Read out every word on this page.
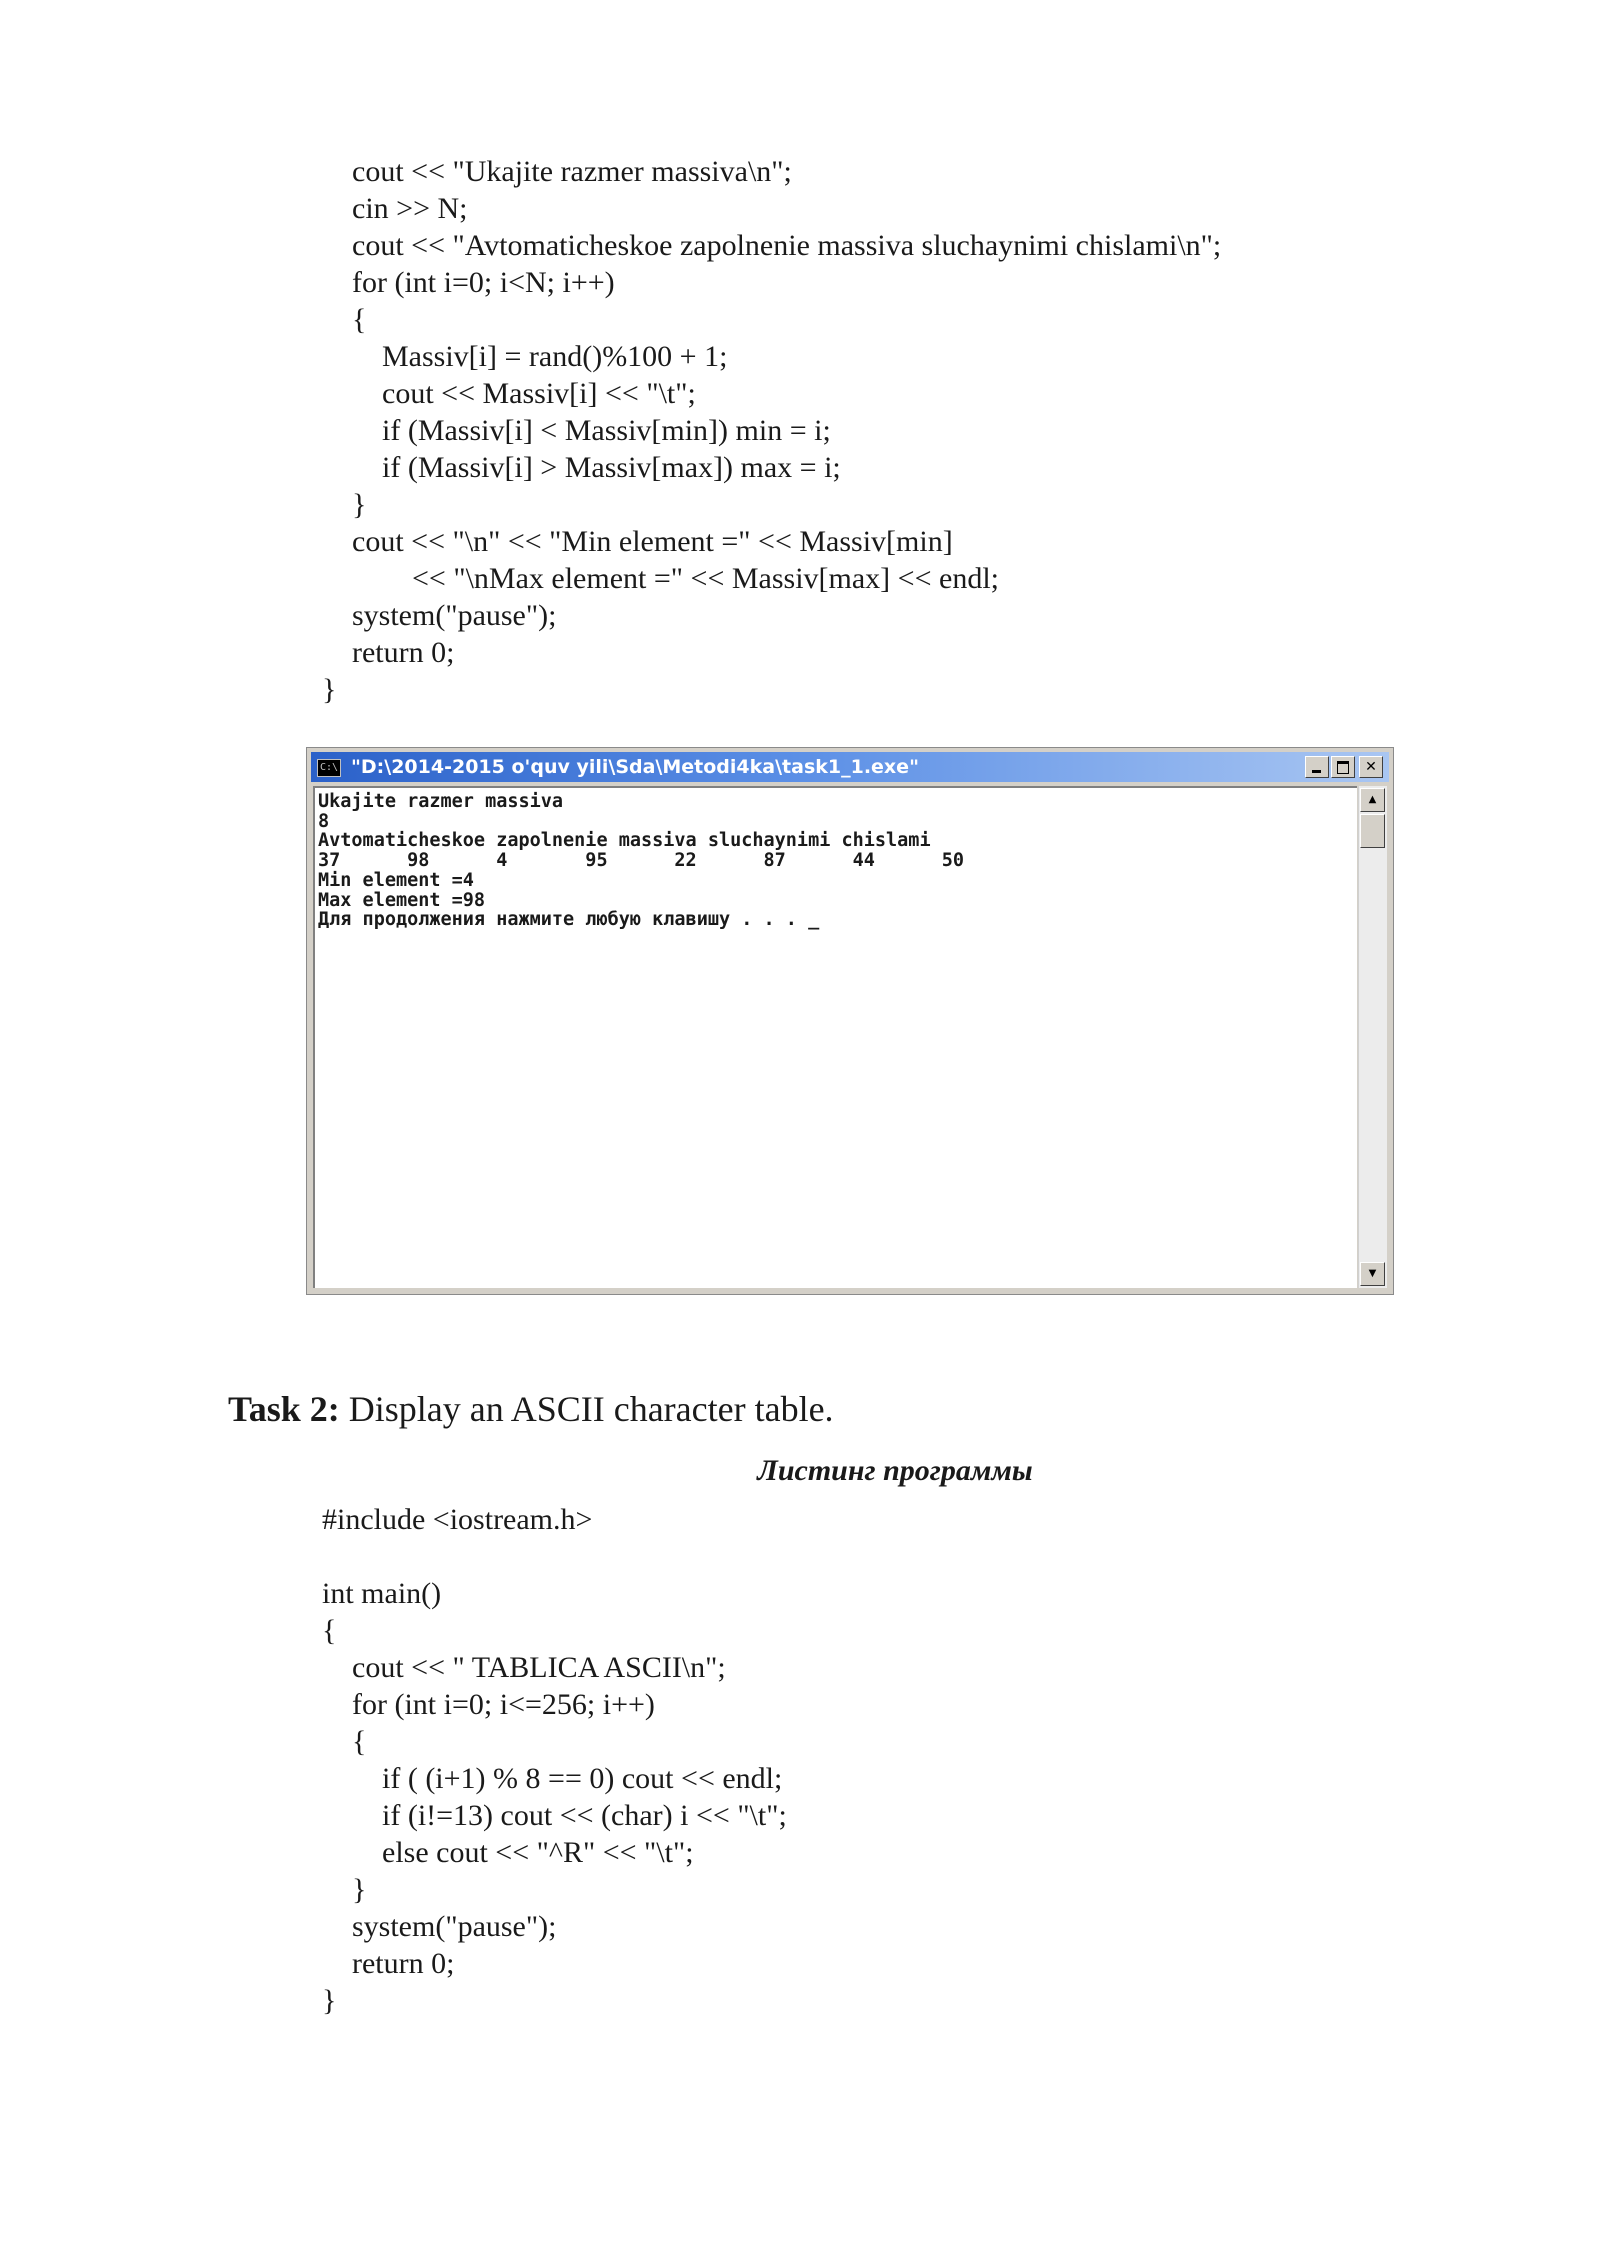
cout << "Ukajite razmer massiva\n";
cin >> N;
cout << "Avtomaticheskoe zapolnenie massiva sluchaynimi chislami\n";
for (int i=0; i<N; i++)
{
Massiv[i] = rand()%100 + 1;
cout << Massiv[i] << "\t";
if (Massiv[i] < Massiv[min]) min = i;
if (Massiv[i] > Massiv[max]) max = i;
}
cout << "\n" << "Min element =" << Massiv[min]
<< "\nMax element =" << Massiv[max] << endl;
system("pause");
return 0;
}
C:\ "D:\2014-2015 o'quv yili\Sda\Metodi4ka\task1_1.exe"
✕
Ukajite razmer massiva
8
Avtomaticheskoe zapolnenie massiva sluchaynimi chislami
37      98      4       95      22      87      44      50
Min element =4
Max element =98
Для продолжения нажмите любую клавишу . . . _
▲
▼
Task 2: Display an ASCII character table.

Листинг программы

#include <iostream.h>
int main()
{
cout << " TABLICA ASCII\n";
for (int i=0; i<=256; i++)
{
if ( (i+1) % 8 == 0) cout << endl;
if (i!=13) cout << (char) i << "\t";
else cout << "^R" << "\t";
}
system("pause");
return 0;
}
